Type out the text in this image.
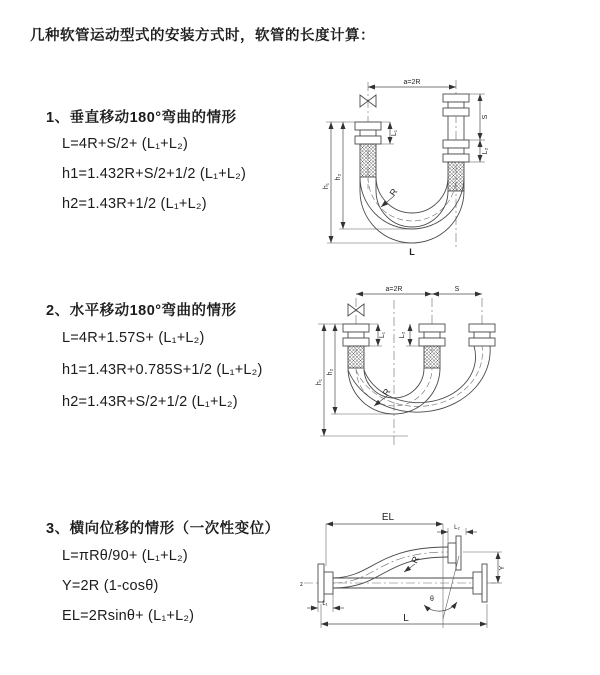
几种软管运动型式的安装方式时，软管的长度计算：
1、垂直移动180°弯曲的情形
L=4R+S/2+ (L₁+L₂)
h1=1.432R+S/2+1/2 (L₁+L₂)
h2=1.43R+1/2 (L₁+L₂)
2、水平移动180°弯曲的情形
L=4R+1.57S+ (L₁+L₂)
h1=1.43R+0.785S+1/2 (L₁+L₂)
h2=1.43R+S/2+1/2 (L₁+L₂)
3、横向位移的情形（一次性变位）
L=πRθ/90+ (L₁+L₂)
Y=2R (1-cosθ)
EL=2Rsinθ+ (L₁+L₂)
a=2R
h₁
h₂
L₁
S
L₂
R
L
a=2R	S
h₁
h₂
L₁ L₂
R
z
EL
L₂
Y
L₁
L
θ
R
